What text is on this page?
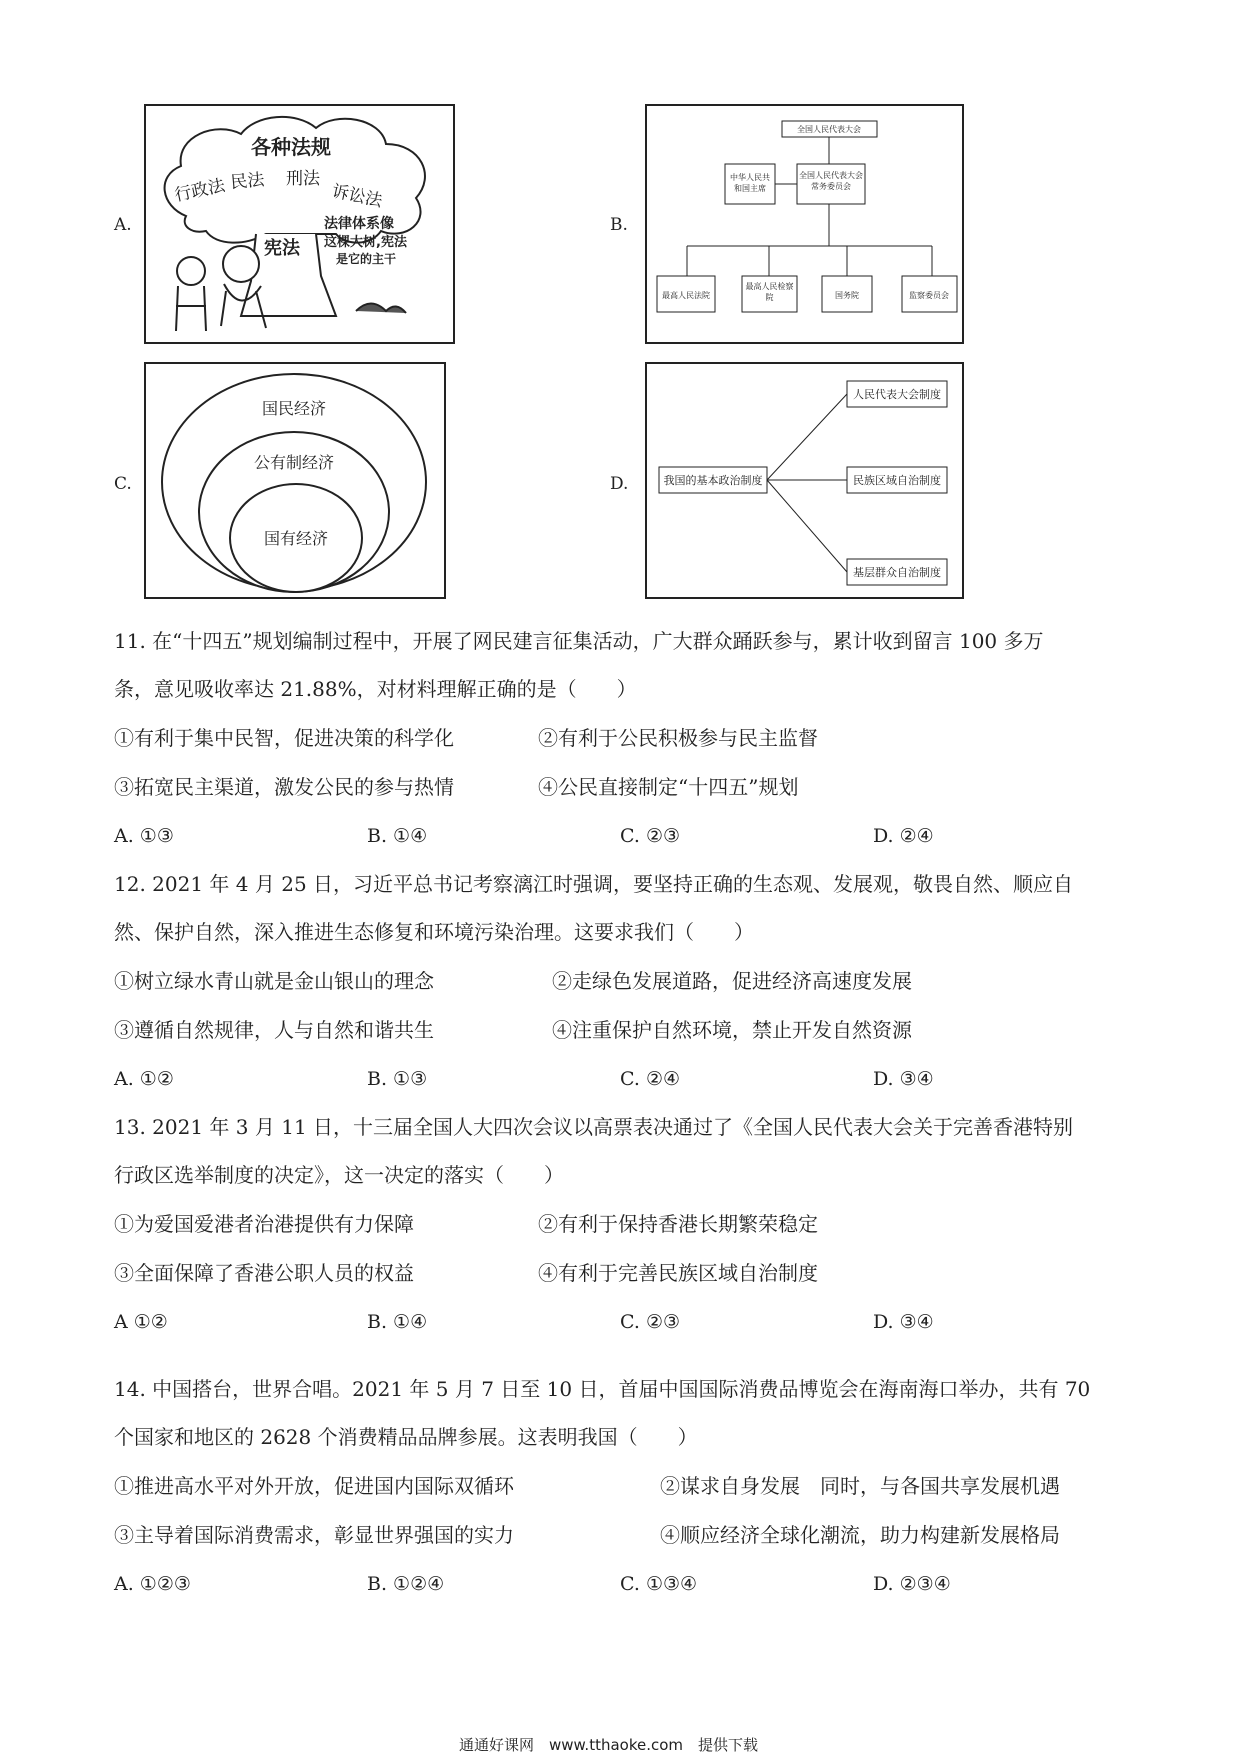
A.
各种法规
行政法 民法 刑法
诉讼法
宪法
法律体系像
这棵大树,宪法
是它的主干
B.
全国人民代表大会
中华人民共和国主席
全国人民代表大会常务委员会
最高人民法院
最高人民检察院	国务院	监察委员会
C.
国民经济
公有制经济
国有经济
D.	我国的基本政治制度
人民代表大会制度
民族区域自治制度
基层群众自治制度
11. 在“十四五”规划编制过程中，开展了网民建言征集活动，广大群众踊跃参与，累计收到留言 100 多万
条，意见吸收率达 21.88%，对材料理解正确的是（　　）
①有利于集中民智，促进决策的科学化	②有利于公民积极参与民主监督
③拓宽民主渠道，激发公民的参与热情	④公民直接制定“十四五”规划
A. ①③	B. ①④	C. ②③	D. ②④
12. 2021 年 4 月 25 日，习近平总书记考察漓江时强调，要坚持正确的生态观、发展观，敬畏自然、顺应自
然、保护自然，深入推进生态修复和环境污染治理。这要求我们（　　）
①树立绿水青山就是金山银山的理念	②走绿色发展道路，促进经济高速度发展
③遵循自然规律，人与自然和谐共生	④注重保护自然环境，禁止开发自然资源
A. ①②	B. ①③	C. ②④	D. ③④
13. 2021 年 3 月 11 日，十三届全国人大四次会议以高票表决通过了《全国人民代表大会关于完善香港特别
行政区选举制度的决定》，这一决定的落实（　　）
①为爱国爱港者治港提供有力保障	②有利于保持香港长期繁荣稳定
③全面保障了香港公职人员的权益	④有利于完善民族区域自治制度
A ①②	B. ①④	C. ②③	D. ③④
14. 中国搭台，世界合唱。2021 年 5 月 7 日至 10 日，首届中国国际消费品博览会在海南海口举办，共有 70
个国家和地区的 2628 个消费精品品牌参展。这表明我国（　　）
①推进高水平对外开放，促进国内国际双循环	②谋求自身发展　同时，与各国共享发展机遇
③主导着国际消费需求，彰显世界强国的实力	④顺应经济全球化潮流，助力构建新发展格局
A. ①②③	B. ①②④	C. ①③④	D. ②③④
通通好课网　www.tthaoke.com　提供下载
